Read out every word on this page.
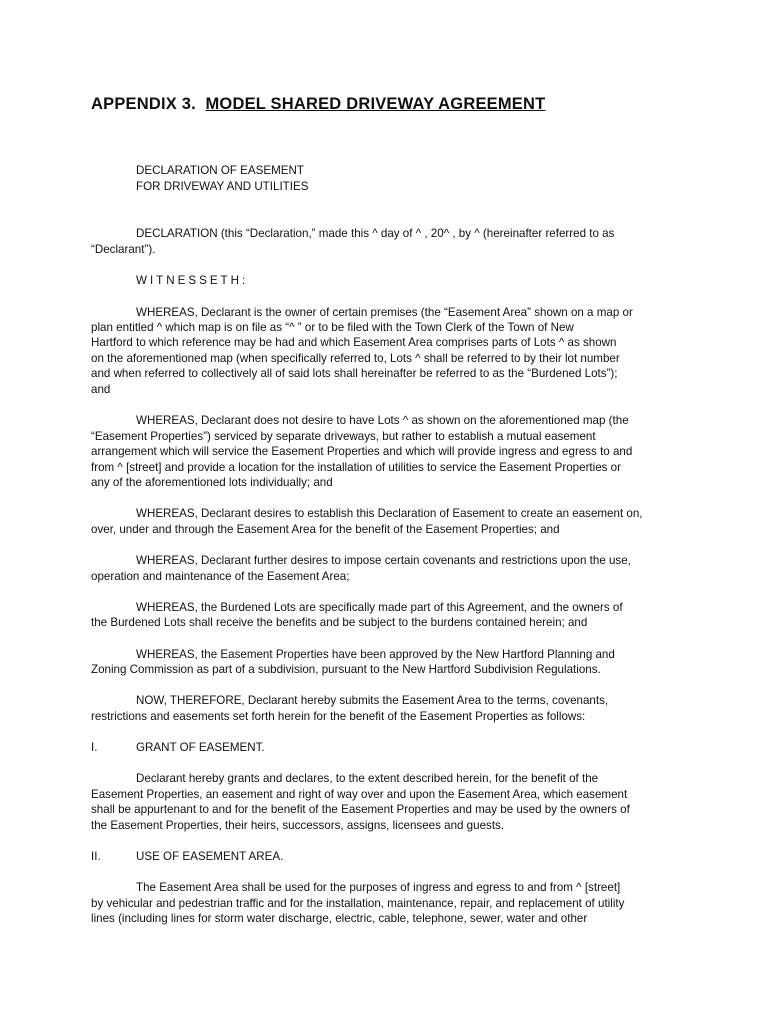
APPENDIX 3. MODEL SHARED DRIVEWAY AGREEMENT
DECLARATION OF EASEMENT
FOR DRIVEWAY AND UTILITIES
DECLARATION (this “Declaration,” made this ^ day of ^ , 20^ , by ^ (hereinafter referred to as
“Declarant”).
WITNESSETH:
WHEREAS, Declarant is the owner of certain premises (the “Easement Area” shown on a map or
plan entitled ^ which map is on file as “^ ” or to be filed with the Town Clerk of the Town of New
Hartford to which reference may be had and which Easement Area comprises parts of Lots ^ as shown
on the aforementioned map (when specifically referred to, Lots ^ shall be referred to by their lot number
and when referred to collectively all of said lots shall hereinafter be referred to as the “Burdened Lots”);
and
WHEREAS, Declarant does not desire to have Lots ^ as shown on the aforementioned map (the
“Easement Properties”) serviced by separate driveways, but rather to establish a mutual easement
arrangement which will service the Easement Properties and which will provide ingress and egress to and
from ^ [street] and provide a location for the installation of utilities to service the Easement Properties or
any of the aforementioned lots individually; and
WHEREAS, Declarant desires to establish this Declaration of Easement to create an easement on,
over, under and through the Easement Area for the benefit of the Easement Properties; and
WHEREAS, Declarant further desires to impose certain covenants and restrictions upon the use,
operation and maintenance of the Easement Area;
WHEREAS, the Burdened Lots are specifically made part of this Agreement, and the owners of
the Burdened Lots shall receive the benefits and be subject to the burdens contained herein; and
WHEREAS, the Easement Properties have been approved by the New Hartford Planning and
Zoning Commission as part of a subdivision, pursuant to the New Hartford Subdivision Regulations.
NOW, THEREFORE, Declarant hereby submits the Easement Area to the terms, covenants,
restrictions and easements set forth herein for the benefit of the Easement Properties as follows:
I.	GRANT OF EASEMENT.
Declarant hereby grants and declares, to the extent described herein, for the benefit of the
Easement Properties, an easement and right of way over and upon the Easement Area, which easement
shall be appurtenant to and for the benefit of the Easement Properties and may be used by the owners of
the Easement Properties, their heirs, successors, assigns, licensees and guests.
II.	USE OF EASEMENT AREA.
The Easement Area shall be used for the purposes of ingress and egress to and from ^ [street]
by vehicular and pedestrian traffic and for the installation, maintenance, repair, and replacement of utility
lines (including lines for storm water discharge, electric, cable, telephone, sewer, water and other
